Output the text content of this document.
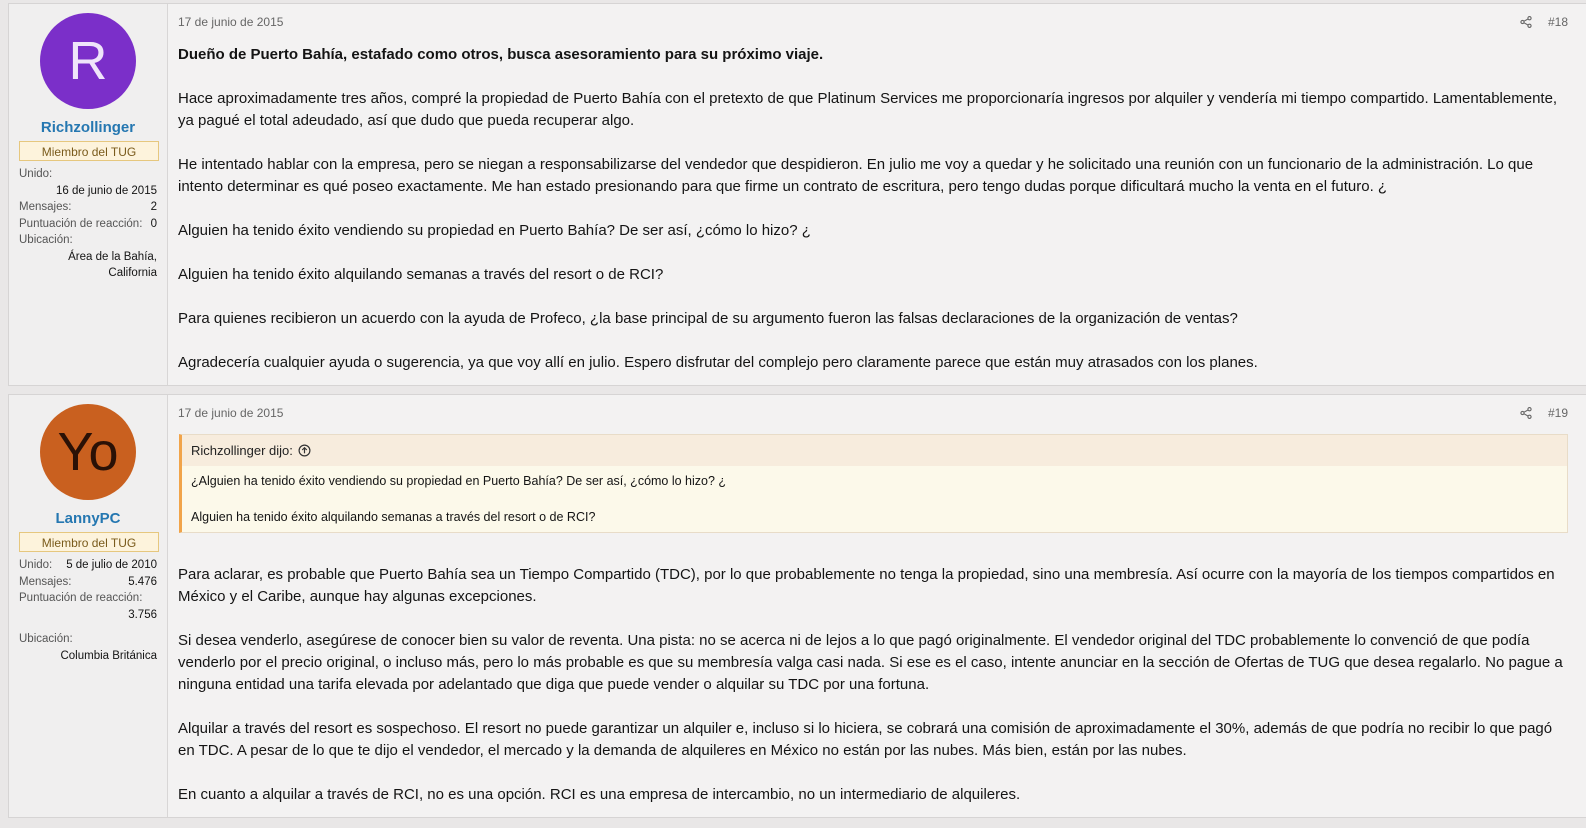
R
Richzollinger
Miembro del TUG
Unido:
16 de junio de 2015
Mensajes:	2
Puntuación de reacción: 0
Ubicación:
Área de la Bahía,
California
17 de junio de 2015	#18

Dueño de Puerto Bahía, estafado como otros, busca asesoramiento para su próximo viaje.

Hace aproximadamente tres años, compré la propiedad de Puerto Bahía con el pretexto de que Platinum Services me proporcionaría ingresos por alquiler y vendería mi tiempo compartido. Lamentablemente, ya pagué el total adeudado, así que dudo que pueda recuperar algo.

He intentado hablar con la empresa, pero se niegan a responsabilizarse del vendedor que despidieron. En julio me voy a quedar y he solicitado una reunión con un funcionario de la administración. Lo que intento determinar es qué poseo exactamente. Me han estado presionando para que firme un contrato de escritura, pero tengo dudas porque dificultará mucho la venta en el futuro. ¿

Alguien ha tenido éxito vendiendo su propiedad en Puerto Bahía? De ser así, ¿cómo lo hizo? ¿

Alguien ha tenido éxito alquilando semanas a través del resort o de RCI?

Para quienes recibieron un acuerdo con la ayuda de Profeco, ¿la base principal de su argumento fueron las falsas declaraciones de la organización de ventas?

Agradecería cualquier ayuda o sugerencia, ya que voy allí en julio. Espero disfrutar del complejo pero claramente parece que están muy atrasados con los planes.

Yo
LannyPC
Miembro del TUG
Unido: 5 de julio de 2010
Mensajes:	5.476
Puntuación de reacción:
3.756
Ubicación:
Columbia Británica
17 de junio de 2015	#19
Richzollinger dijo:

¿Alguien ha tenido éxito vendiendo su propiedad en Puerto Bahía? De ser así, ¿cómo lo hizo? ¿

Alguien ha tenido éxito alquilando semanas a través del resort o de RCI?

Para aclarar, es probable que Puerto Bahía sea un Tiempo Compartido (TDC), por lo que probablemente no tenga la propiedad, sino una membresía. Así ocurre con la mayoría de los tiempos compartidos en México y el Caribe, aunque hay algunas excepciones.

Si desea venderlo, asegúrese de conocer bien su valor de reventa. Una pista: no se acerca ni de lejos a lo que pagó originalmente. El vendedor original del TDC probablemente lo convenció de que podía venderlo por el precio original, o incluso más, pero lo más probable es que su membresía valga casi nada. Si ese es el caso, intente anunciar en la sección de Ofertas de TUG que desea regalarlo. No pague a ninguna entidad una tarifa elevada por adelantado que diga que puede vender o alquilar su TDC por una fortuna.

Alquilar a través del resort es sospechoso. El resort no puede garantizar un alquiler e, incluso si lo hiciera, se cobrará una comisión de aproximadamente el 30%, además de que podría no recibir lo que pagó en TDC. A pesar de lo que te dijo el vendedor, el mercado y la demanda de alquileres en México no están por las nubes. Más bien, están por las nubes.

En cuanto a alquilar a través de RCI, no es una opción. RCI es una empresa de intercambio, no un intermediario de alquileres.
